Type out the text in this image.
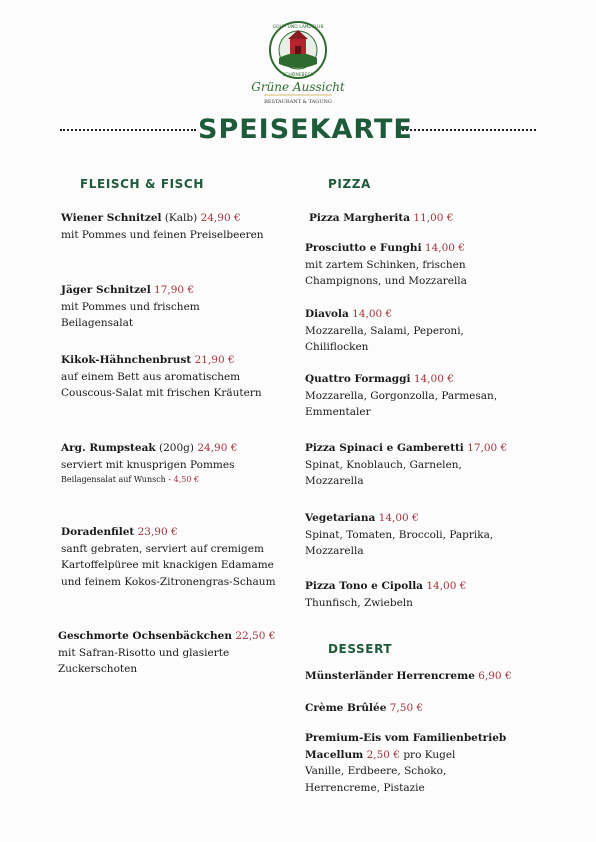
GOLF- UND LANDCLUB
SCHÖNEBECK
Grüne Aussicht
RESTAURANT & TAGUNG
SPEISEKARTE
FLEISCH & FISCH
Wiener Schnitzel (Kalb) 24,90 €
mit Pommes und feinen Preiselbeeren
Jäger Schnitzel 17,90 €
mit Pommes und frischem Beilagensalat
Kikok-Hähnchenbrust 21,90 €
auf einem Bett aus aromatischem Couscous-Salat mit frischen Kräutern
Arg. Rumpsteak (200g) 24,90 €
serviert mit knusprigen Pommes
Beilagensalat auf Wunsch - 4,50 €
Doradenfilet 23,90 €
sanft gebraten, serviert auf cremigem Kartoffelpüree mit knackigen Edamame und feinem Kokos-Zitronengras-Schaum
Geschmorte Ochsenbäckchen 22,50 €
mit Safran-Risotto und glasierte Zuckerschoten
PIZZA
Pizza Margherita 11,00 €
Prosciutto e Funghi 14,00 €
mit zartem Schinken, frischen Champignons, und Mozzarella
Diavola 14,00 €
Mozzarella, Salami, Peperoni, Chiliflocken
Quattro Formaggi 14,00 €
Mozzarella, Gorgonzolla, Parmesan, Emmentaler
Pizza Spinaci e Gamberetti 17,00 €
Spinat, Knoblauch, Garnelen, Mozzarella
Vegetariana 14,00 €
Spinat, Tomaten, Broccoli, Paprika, Mozzarella
Pizza Tono e Cipolla 14,00 €
Thunfisch, Zwiebeln
DESSERT
Münsterländer Herrencreme 6,90 €
Crème Brûlée 7,50 €
Premium-Eis vom Familienbetrieb Macellum 2,50 € pro Kugel
Vanille, Erdbeere, Schoko, Herrencreme, Pistazie
